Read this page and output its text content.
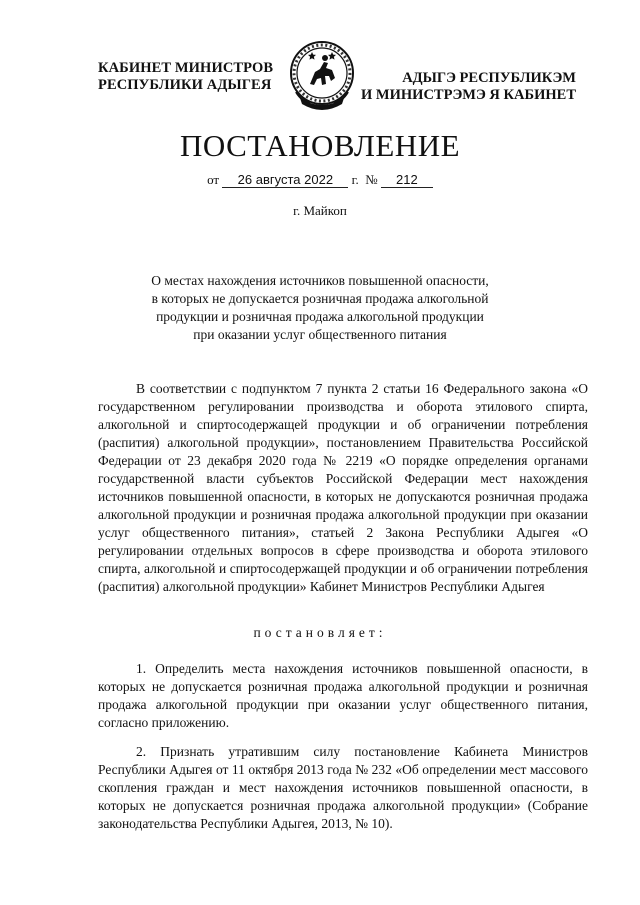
КАБИНЕТ МИНИСТРОВ
РЕСПУБЛИКИ АДЫГЕЯ	АДЫГЭ РЕСПУБЛИКЭМ
И МИНИСТРЭМЭ Я КАБИНЕТ
ПОСТАНОВЛЕНИЕ
от 26 августа 2022 г. № 212
г. Майкоп
О местах нахождения источников повышенной опасности,
в которых не допускается розничная продажа алкогольной
продукции и розничная продажа алкогольной продукции
при оказании услуг общественного питания
В соответствии с подпунктом 7 пункта 2 статьи 16 Федерального закона «О государственном регулировании производства и оборота этилового спирта, алкогольной и спиртосодержащей продукции и об ограничении потребления (распития) алкогольной продукции», постановлением Правительства Российской Федерации от 23 декабря 2020 года № 2219 «О порядке определения органами государственной власти субъектов Российской Федерации мест нахождения источников повышенной опасности, в которых не допускаются розничная продажа алкогольной продукции и розничная продажа алкогольной продукции при оказании услуг общественного питания», статьей 2 Закона Республики Адыгея «О регулировании отдельных вопросов в сфере производства и оборота этилового спирта, алкогольной и спиртосодержащей продукции и об ограничении потребления (распития) алкогольной продукции» Кабинет Министров Республики Адыгея
постановляет:
1. Определить места нахождения источников повышенной опасности, в которых не допускается розничная продажа алкогольной продукции и розничная продажа алкогольной продукции при оказании услуг общественного питания, согласно приложению.
2. Признать утратившим силу постановление Кабинета Министров Республики Адыгея от 11 октября 2013 года № 232 «Об определении мест массового скопления граждан и мест нахождения источников повышенной опасности, в которых не допускается розничная продажа алкогольной продукции» (Собрание законодательства Республики Адыгея, 2013, № 10).
